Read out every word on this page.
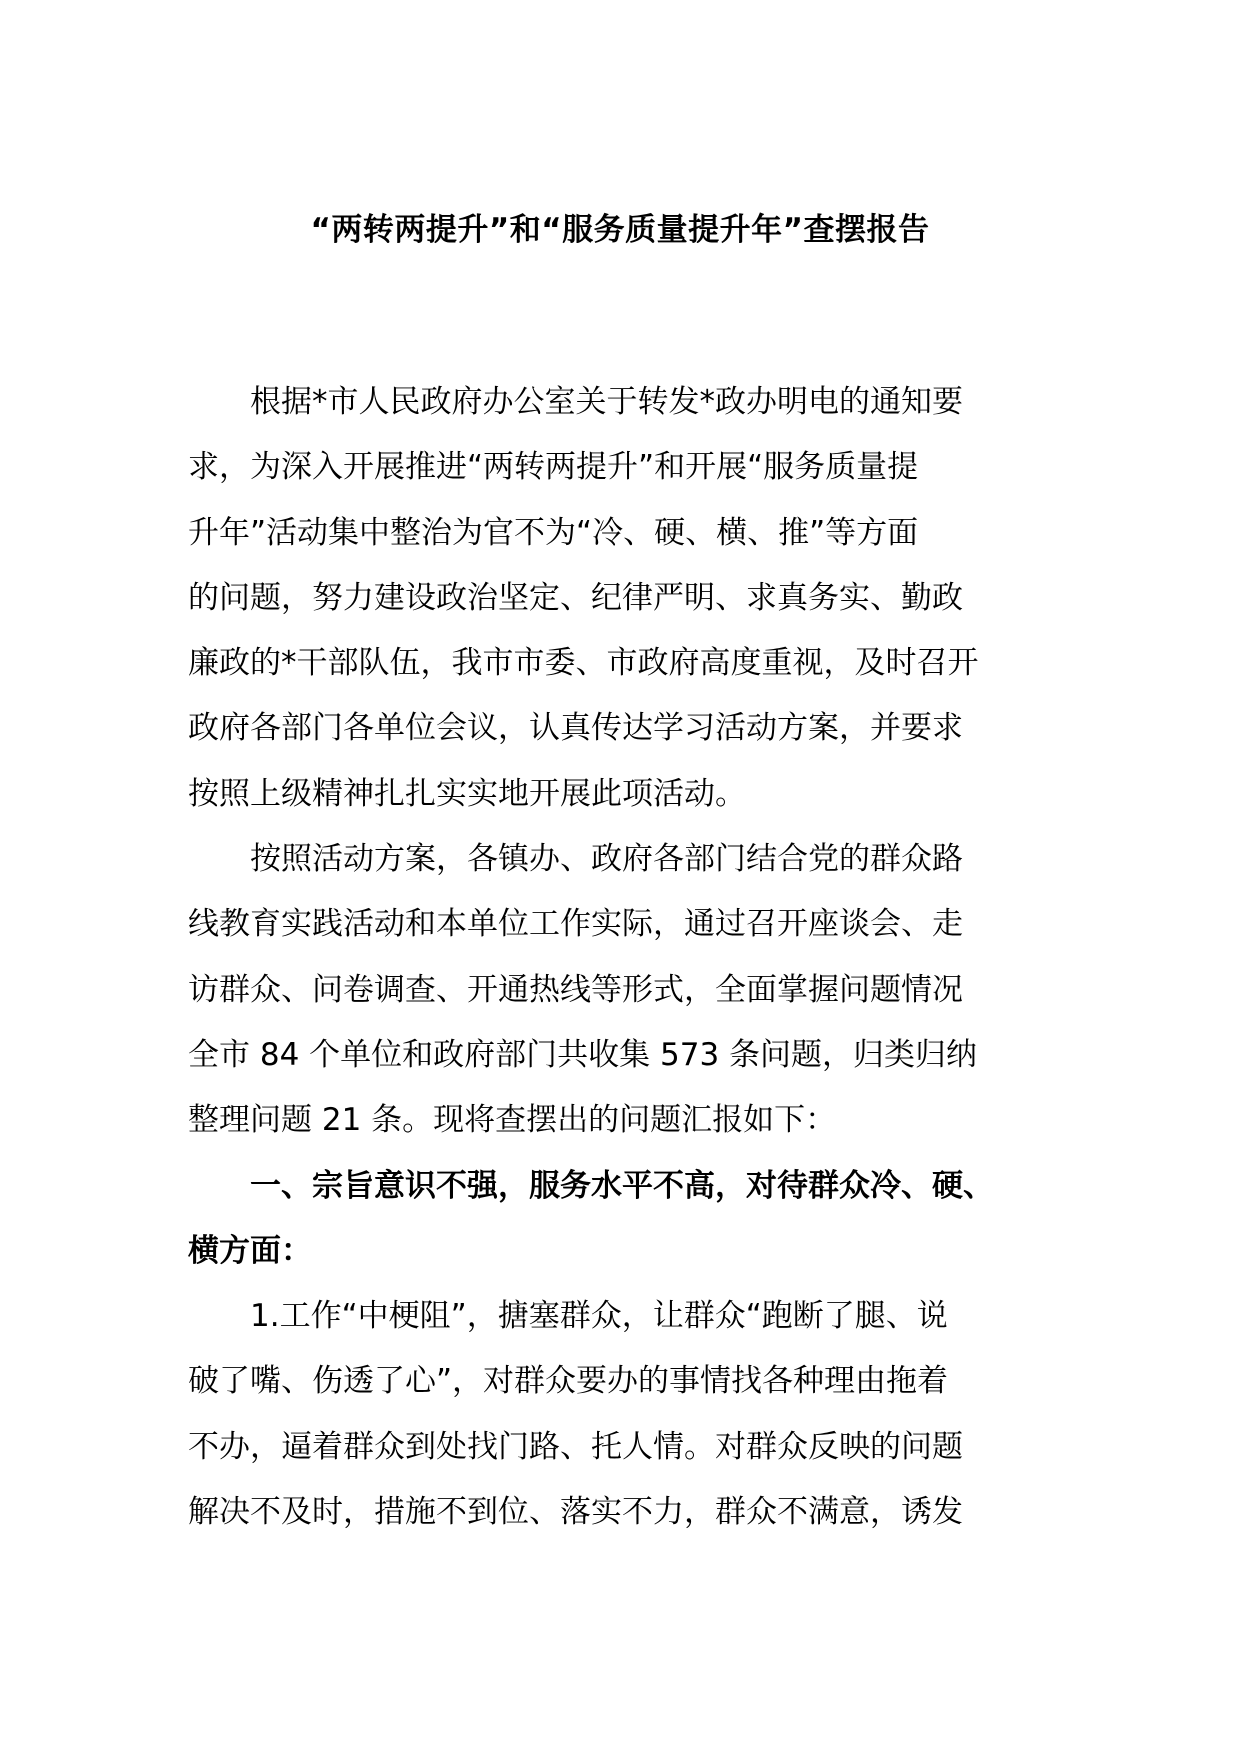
“两转两提升”和“服务质量提升年”查摆报告

根据*市人民政府办公室关于转发*政办明电的通知要
求，为深入开展推进“两转两提升”和开展“服务质量提
升年”活动集中整治为官不为“冷、硬、横、推”等方面
的问题，努力建设政治坚定、纪律严明、求真务实、勤政
廉政的*干部队伍，我市市委、市政府高度重视，及时召开
政府各部门各单位会议，认真传达学习活动方案，并要求
按照上级精神扎扎实实地开展此项活动。

按照活动方案，各镇办、政府各部门结合党的群众路
线教育实践活动和本单位工作实际，通过召开座谈会、走
访群众、问卷调查、开通热线等形式，全面掌握问题情况
全市 84 个单位和政府部门共收集 573 条问题，归类归纳
整理问题 21 条。现将查摆出的问题汇报如下：

一、宗旨意识不强，服务水平不高，对待群众冷、硬、
横方面：

1.工作“中梗阻”，搪塞群众，让群众“跑断了腿、说
破了嘴、伤透了心”，对群众要办的事情找各种理由拖着
不办，逼着群众到处找门路、托人情。对群众反映的问题
解决不及时，措施不到位、落实不力，群众不满意，诱发
